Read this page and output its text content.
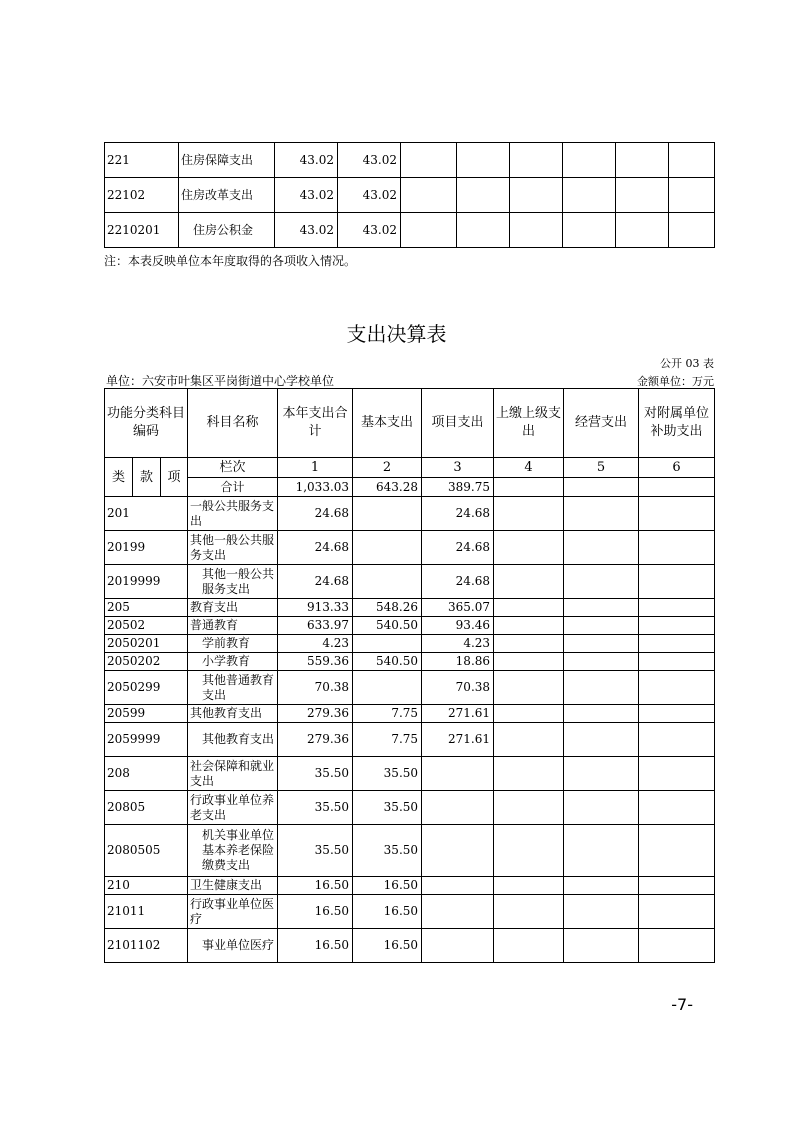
221	住房保障支出	43.02	43.02						
22102	住房改革支出	43.02	43.02						
2210201	住房公积金	43.02	43.02						
注：本表反映单位本年度取得的各项收入情况。
支出决算表
公开 03 表
单位：六安市叶集区平岗街道中心学校单位	金额单位：万元
功能分类科目编码			科目名称	本年支出合计	基本支出	项目支出	上缴上级支出	经营支出	对附属单位补助支出
类	款	项	栏次	1	2	3	4	5	6
			合计	1,033.03	643.28	389.75			
201			一般公共服务支出	24.68		24.68			
20199			其他一般公共服务支出	24.68		24.68			
2019999			其他一般公共服务支出	24.68		24.68			
205			教育支出	913.33	548.26	365.07			
20502			普通教育	633.97	540.50	93.46			
2050201			学前教育	4.23		4.23			
2050202			小学教育	559.36	540.50	18.86			
2050299			其他普通教育支出	70.38		70.38			
20599			其他教育支出	279.36	7.75	271.61			
2059999			其他教育支出	279.36	7.75	271.61			
208			社会保障和就业支出	35.50	35.50				
20805			行政事业单位养老支出	35.50	35.50				
2080505			机关事业单位基本养老保险缴费支出	35.50	35.50				
210			卫生健康支出	16.50	16.50				
21011			行政事业单位医疗	16.50	16.50				
2101102			事业单位医疗	16.50	16.50				
-7-
